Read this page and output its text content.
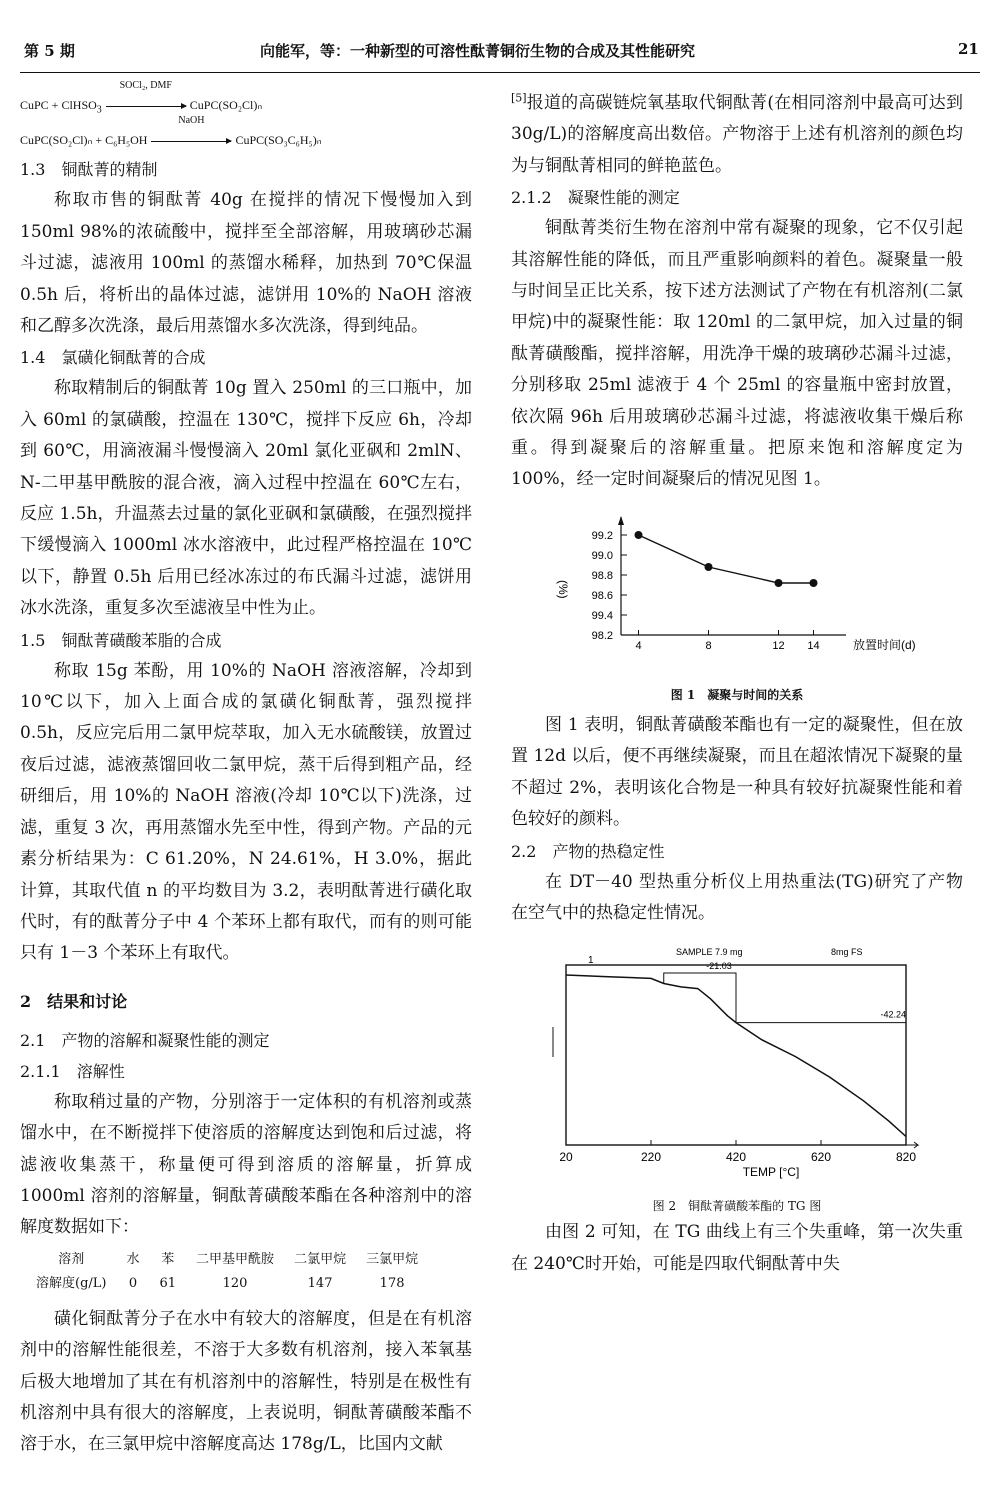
第 5 期	向能军，等：一种新型的可溶性酞菁铜衍生物的合成及其性能研究	21
CuPC + ClHSO$_3$
SOCl₂, DMF
CuPC(SO₂Cl)ₙ
CuPC(SO₂Cl)ₙ + C₆H₅OH
NaOH
CuPC(SO₃C₆H₅)ₙ
1.3　铜酞菁的精制

称取市售的铜酞菁 40g 在搅拌的情况下慢慢加入到 150ml 98%的浓硫酸中，搅拌至全部溶解，用玻璃砂芯漏斗过滤，滤液用 100ml 的蒸馏水稀释，加热到 70℃保温 0.5h 后，将析出的晶体过滤，滤饼用 10%的 NaOH 溶液和乙醇多次洗涤，最后用蒸馏水多次洗涤，得到纯品。

1.4　氯磺化铜酞菁的合成

称取精制后的铜酞菁 10g 置入 250ml 的三口瓶中，加入 60ml 的氯磺酸，控温在 130℃，搅拌下反应 6h，冷却到 60℃，用滴液漏斗慢慢滴入 20ml 氯化亚砜和 2mlN、N-二甲基甲酰胺的混合液，滴入过程中控温在 60℃左右，反应 1.5h，升温蒸去过量的氯化亚砜和氯磺酸，在强烈搅拌下缓慢滴入 1000ml 冰水溶液中，此过程严格控温在 10℃以下，静置 0.5h 后用已经冰冻过的布氏漏斗过滤，滤饼用冰水洗涤，重复多次至滤液呈中性为止。

1.5　铜酞菁磺酸苯脂的合成

称取 15g 苯酚，用 10%的 NaOH 溶液溶解，冷却到 10℃以下，加入上面合成的氯磺化铜酞菁，强烈搅拌 0.5h，反应完后用二氯甲烷萃取，加入无水硫酸镁，放置过夜后过滤，滤液蒸馏回收二氯甲烷，蒸干后得到粗产品，经研细后，用 10%的 NaOH 溶液(冷却 10℃以下)洗涤，过滤，重复 3 次，再用蒸馏水先至中性，得到产物。产品的元素分析结果为：C 61.20%，N 24.61%，H 3.0%，据此计算，其取代值 n 的平均数目为 3.2，表明酞菁进行磺化取代时，有的酞菁分子中 4 个苯环上都有取代，而有的则可能只有 1－3 个苯环上有取代。

2　结果和讨论
2.1　产物的溶解和凝聚性能的测定
2.1.1　溶解性

称取稍过量的产物，分别溶于一定体积的有机溶剂或蒸馏水中，在不断搅拌下使溶质的溶解度达到饱和后过滤，将滤液收集蒸干，称量便可得到溶质的溶解量，折算成 1000ml 溶剂的溶解量，铜酞菁磺酸苯酯在各种溶剂中的溶解度数据如下：

溶剂	水	苯	二甲基甲酰胺	二氯甲烷	三氯甲烷
溶解度(g/L)	0	61	120	147	178

磺化铜酞菁分子在水中有较大的溶解度，但是在有机溶剂中的溶解性能很差，不溶于大多数有机溶剂，接入苯氧基后极大地增加了其在有机溶剂中的溶解性，特别是在极性有机溶剂中具有很大的溶解度，上表说明，铜酞菁磺酸苯酯不溶于水，在三氯甲烷中溶解度高达 178g/L，比国内文献

[5]报道的高碳链烷氧基取代铜酞菁(在相同溶剂中最高可达到 30g/L)的溶解度高出数倍。产物溶于上述有机溶剂的颜色均为与铜酞菁相同的鲜艳蓝色。

2.1.2　凝聚性能的测定

铜酞菁类衍生物在溶剂中常有凝聚的现象，它不仅引起其溶解性能的降低，而且严重影响颜料的着色。凝聚量一般与时间呈正比关系，按下述方法测试了产物在有机溶剂(二氯甲烷)中的凝聚性能：取 120ml 的二氯甲烷，加入过量的铜酞菁磺酸酯，搅拌溶解，用洗净干燥的玻璃砂芯漏斗过滤，分别移取 25ml 滤液于 4 个 25ml 的容量瓶中密封放置，依次隔 96h 后用玻璃砂芯漏斗过滤，将滤液收集干燥后称重。得到凝聚后的溶解重量。把原来饱和溶解度定为 100%，经一定时间凝聚后的情况见图 1。

98.2
99.4
98.6
98.8
99.0
99.2
4	8	12 14	放置时间(d)
(%)
图 1　凝聚与时间的关系

图 1 表明，铜酞菁磺酸苯酯也有一定的凝聚性，但在放置 12d 以后，便不再继续凝聚，而且在超浓情况下凝聚的量不超过 2%，表明该化合物是一种具有较好抗凝聚性能和着色较好的颜料。

2.2　产物的热稳定性

在 DT－40 型热重分析仪上用热重法(TG)研究了产物在空气中的热稳定性情况。

SAMPLE 7.9 mg	8mg FS
1
20	220	420	620	820
TEMP [°C]
-21.03
-42.24
图 2　铜酞菁磺酸苯酯的 TG 图

由图 2 可知，在 TG 曲线上有三个失重峰，第一次失重在 240℃时开始，可能是四取代铜酞菁中失
